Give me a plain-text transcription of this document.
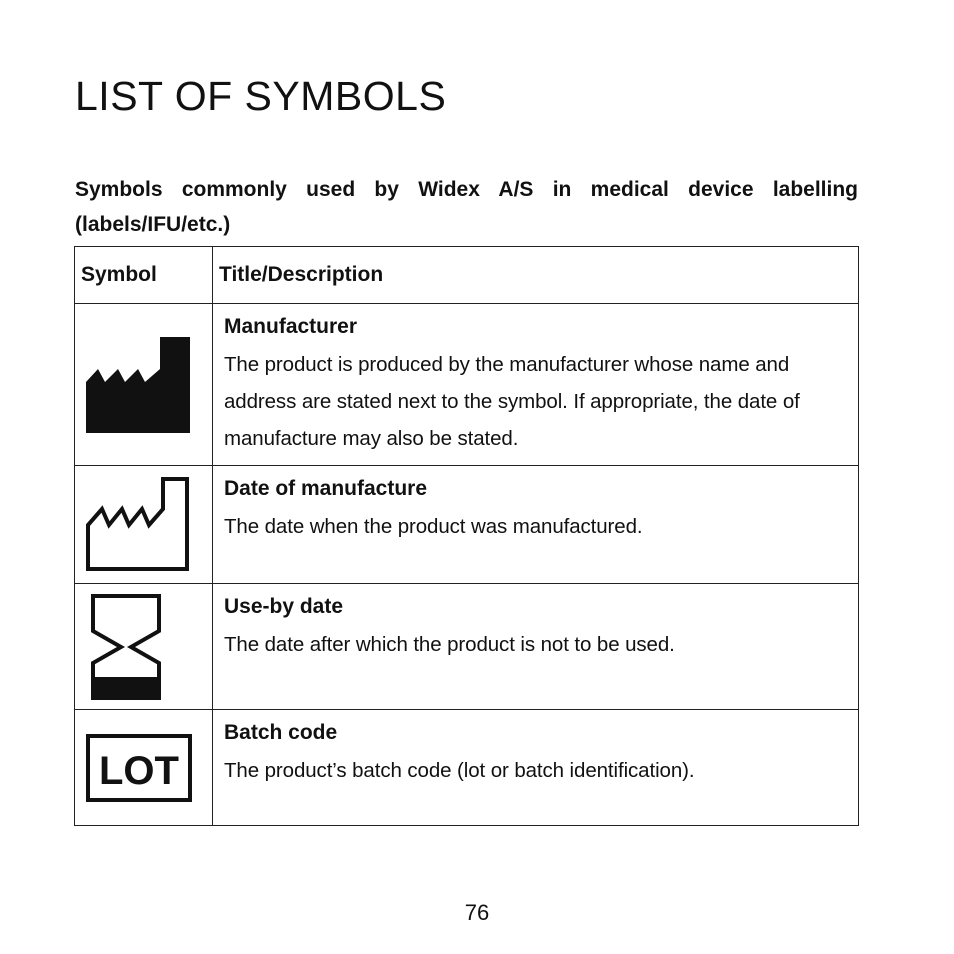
LIST OF SYMBOLS

Symbols commonly used by Widex A/S in medical device labelling (labels/IFU/etc.)

Symbol	Title/Description

Manufacturer

The product is produced by the manufacturer whose name and address are stated next to the symbol. If appropriate, the date of manufacture may also be stated.

Date of manufacture

The date when the product was manufactured.

Use-by date

The date after which the product is not to be used.

LOT	Batch code

The product’s batch code (lot or batch identification).

76
